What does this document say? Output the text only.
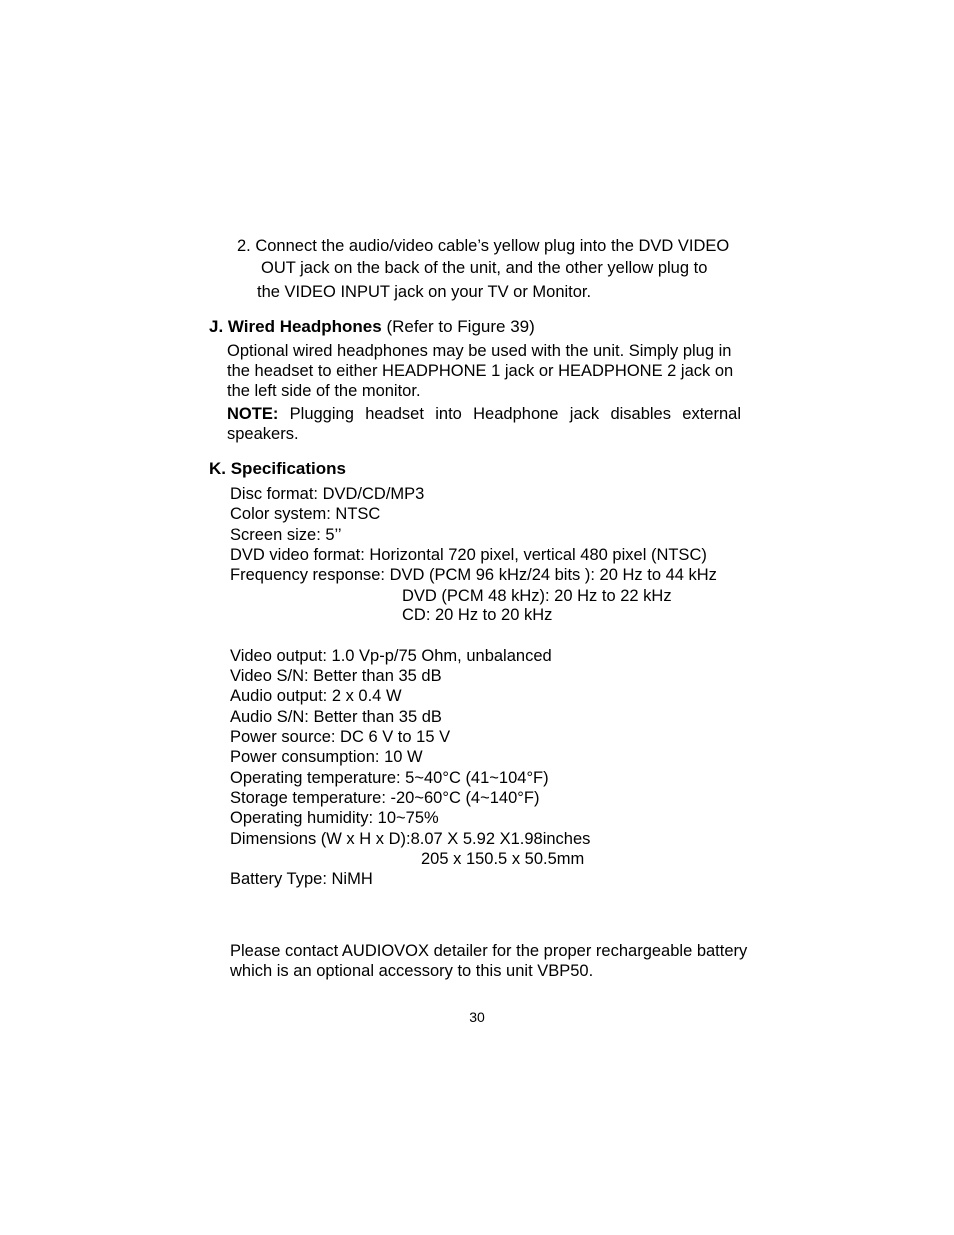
2. Connect the audio/video cable’s yellow plug into the DVD VIDEO
OUT jack on the back of the unit, and the other yellow plug to
the VIDEO INPUT jack on your TV or Monitor.
J. Wired Headphones (Refer to Figure 39)
Optional wired headphones may be used with the unit. Simply plug in
the headset to either HEADPHONE 1 jack or HEADPHONE 2 jack on
the left side of the monitor.
NOTE: Plugging headset into Headphone jack disables external speakers.
K. Specifications
Disc format: DVD/CD/MP3
Color system: NTSC
Screen size: 5’’
DVD video format: Horizontal 720 pixel, vertical 480 pixel (NTSC)
Frequency response: DVD (PCM 96 kHz/24 bits ): 20 Hz to 44 kHz
DVD (PCM 48 kHz): 20 Hz to 22 kHz
CD: 20 Hz to 20 kHz
Video output: 1.0 Vp-p/75 Ohm, unbalanced
Video S/N: Better than 35 dB
Audio output: 2 x 0.4 W
Audio S/N: Better than 35 dB
Power source: DC 6 V to 15 V
Power consumption: 10 W
Operating temperature: 5~40°C (41~104°F)
Storage temperature: -20~60°C (4~140°F)
Operating humidity: 10~75%
Dimensions (W x H x D):8.07 X 5.92 X1.98inches
205 x 150.5 x 50.5mm
Battery Type: NiMH
Please contact AUDIOVOX detailer for the proper rechargeable battery
which is an optional accessory to this unit VBP50.
30
